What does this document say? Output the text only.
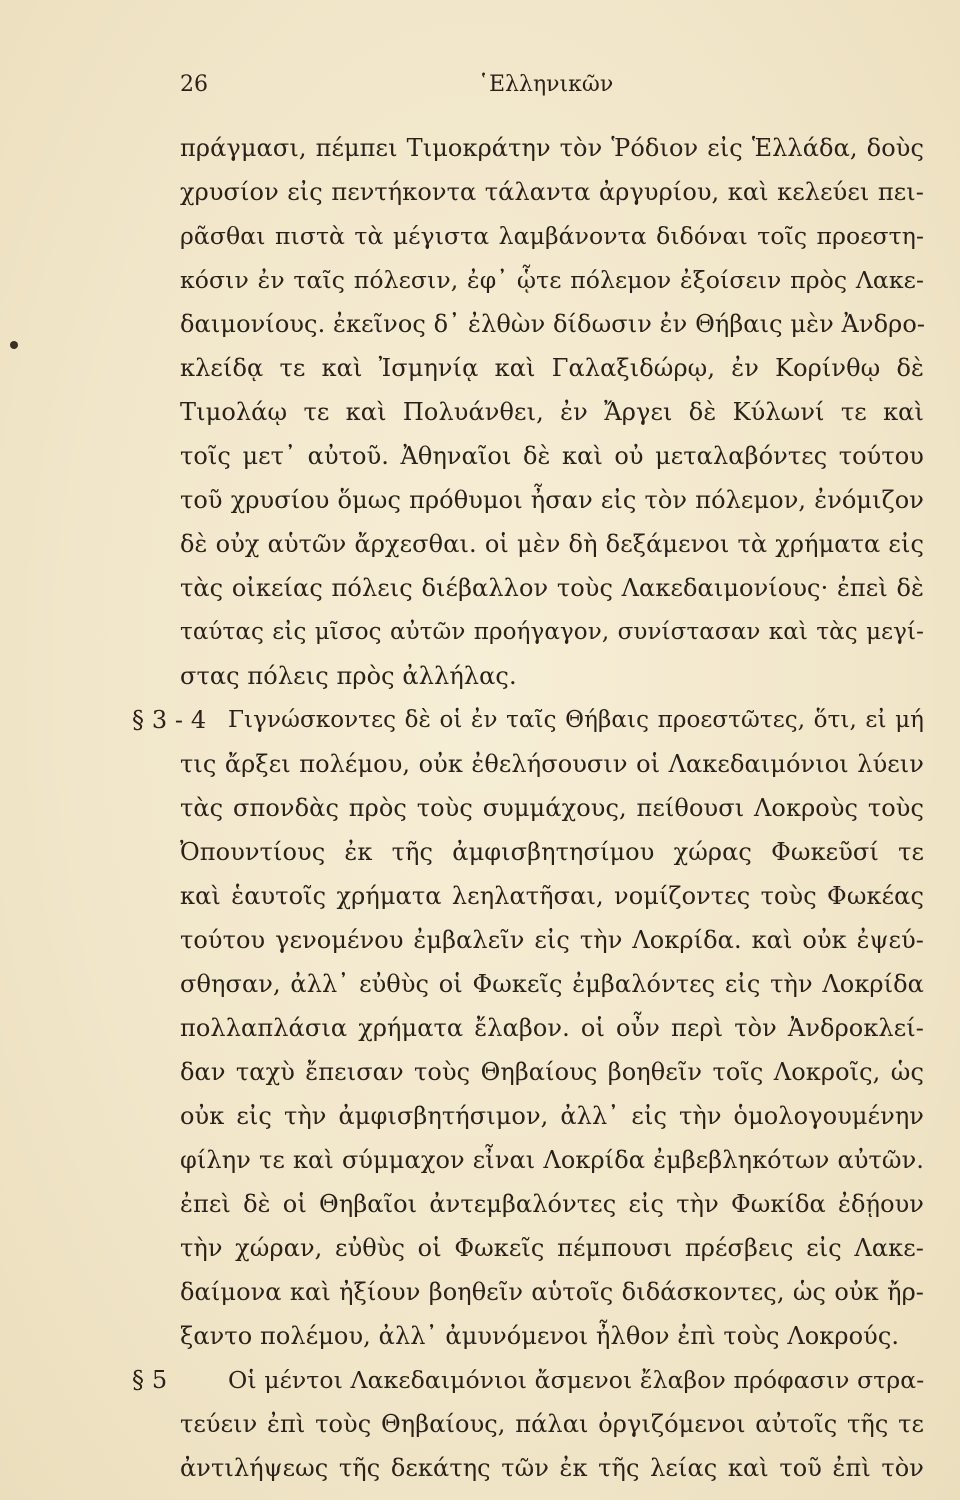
26	῾Ελληνικῶν
πράγμασι, πέμπει Τιμοκράτην τὸν Ῥόδιον εἰς Ἑλλάδα, δοὺς
χρυσίον εἰς πεντήκοντα τάλαντα ἀργυρίου, καὶ κελεύει πει-
ρᾶσθαι πιστὰ τὰ μέγιστα λαμβάνοντα διδόναι τοῖς προεστη-
κόσιν ἐν ταῖς πόλεσιν, ἐφ᾽ ᾧτε πόλεμον ἐξοίσειν πρὸς Λακε-
δαιμονίους. ἐκεῖνος δ᾽ ἐλθὼν δίδωσιν ἐν Θήβαις μὲν Ἀνδρο-
κλείδᾳ τε καὶ Ἰσμηνίᾳ καὶ Γαλαξιδώρῳ, ἐν Κορίνθῳ δὲ
Τιμολάῳ τε καὶ Πολυάνθει, ἐν Ἄργει δὲ Κύλωνί τε καὶ
τοῖς μετ᾽ αὐτοῦ. Ἀθηναῖοι δὲ καὶ οὐ μεταλαβόντες τούτου
τοῦ χρυσίου ὅμως πρόθυμοι ἦσαν εἰς τὸν πόλεμον, ἐνόμιζον
δὲ οὐχ αὑτῶν ἄρχεσθαι. οἱ μὲν δὴ δεξάμενοι τὰ χρήματα εἰς
τὰς οἰκείας πόλεις διέβαλλον τοὺς Λακεδαιμονίους· ἐπεὶ δὲ
ταύτας εἰς μῖσος αὐτῶν προήγαγον, συνίστασαν καὶ τὰς μεγί-
στας πόλεις πρὸς ἀλλήλας.
§ 3 - 4 Γιγνώσκοντες δὲ οἱ ἐν ταῖς Θήβαις προεστῶτες, ὅτι, εἰ μή
τις ἄρξει πολέμου, οὐκ ἐθελήσουσιν οἱ Λακεδαιμόνιοι λύειν
τὰς σπονδὰς πρὸς τοὺς συμμάχους, πείθουσι Λοκροὺς τοὺς
Ὀπουντίους ἐκ τῆς ἀμφισβητησίμου χώρας Φωκεῦσί τε
καὶ ἑαυτοῖς χρήματα λεηλατῆσαι, νομίζοντες τοὺς Φωκέας
τούτου γενομένου ἐμβαλεῖν εἰς τὴν Λοκρίδα. καὶ οὐκ ἐψεύ-
σθησαν, ἀλλ᾽ εὐθὺς οἱ Φωκεῖς ἐμβαλόντες εἰς τὴν Λοκρίδα
πολλαπλάσια χρήματα ἔλαβον. οἱ οὖν περὶ τὸν Ἀνδροκλεί-
δαν ταχὺ ἔπεισαν τοὺς Θηβαίους βοηθεῖν τοῖς Λοκροῖς, ὡς
οὐκ εἰς τὴν ἀμφισβητήσιμον, ἀλλ᾽ εἰς τὴν ὁμολογουμένην
φίλην τε καὶ σύμμαχον εἶναι Λοκρίδα ἐμβεβληκότων αὐτῶν.
ἐπεὶ δὲ οἱ Θηβαῖοι ἀντεμβαλόντες εἰς τὴν Φωκίδα ἐδῄουν
τὴν χώραν, εὐθὺς οἱ Φωκεῖς πέμπουσι πρέσβεις εἰς Λακε-
δαίμονα καὶ ἠξίουν βοηθεῖν αὑτοῖς διδάσκοντες, ὡς οὐκ ἤρ-
ξαντο πολέμου, ἀλλ᾽ ἀμυνόμενοι ἦλθον ἐπὶ τοὺς Λοκρούς.
§ 5	Οἱ μέντοι Λακεδαιμόνιοι ἄσμενοι ἔλαβον πρόφασιν στρα-
τεύειν ἐπὶ τοὺς Θηβαίους, πάλαι ὀργιζόμενοι αὐτοῖς τῆς τε
ἀντιλήψεως τῆς δεκάτης τῶν ἐκ τῆς λείας καὶ τοῦ ἐπὶ τὸν
